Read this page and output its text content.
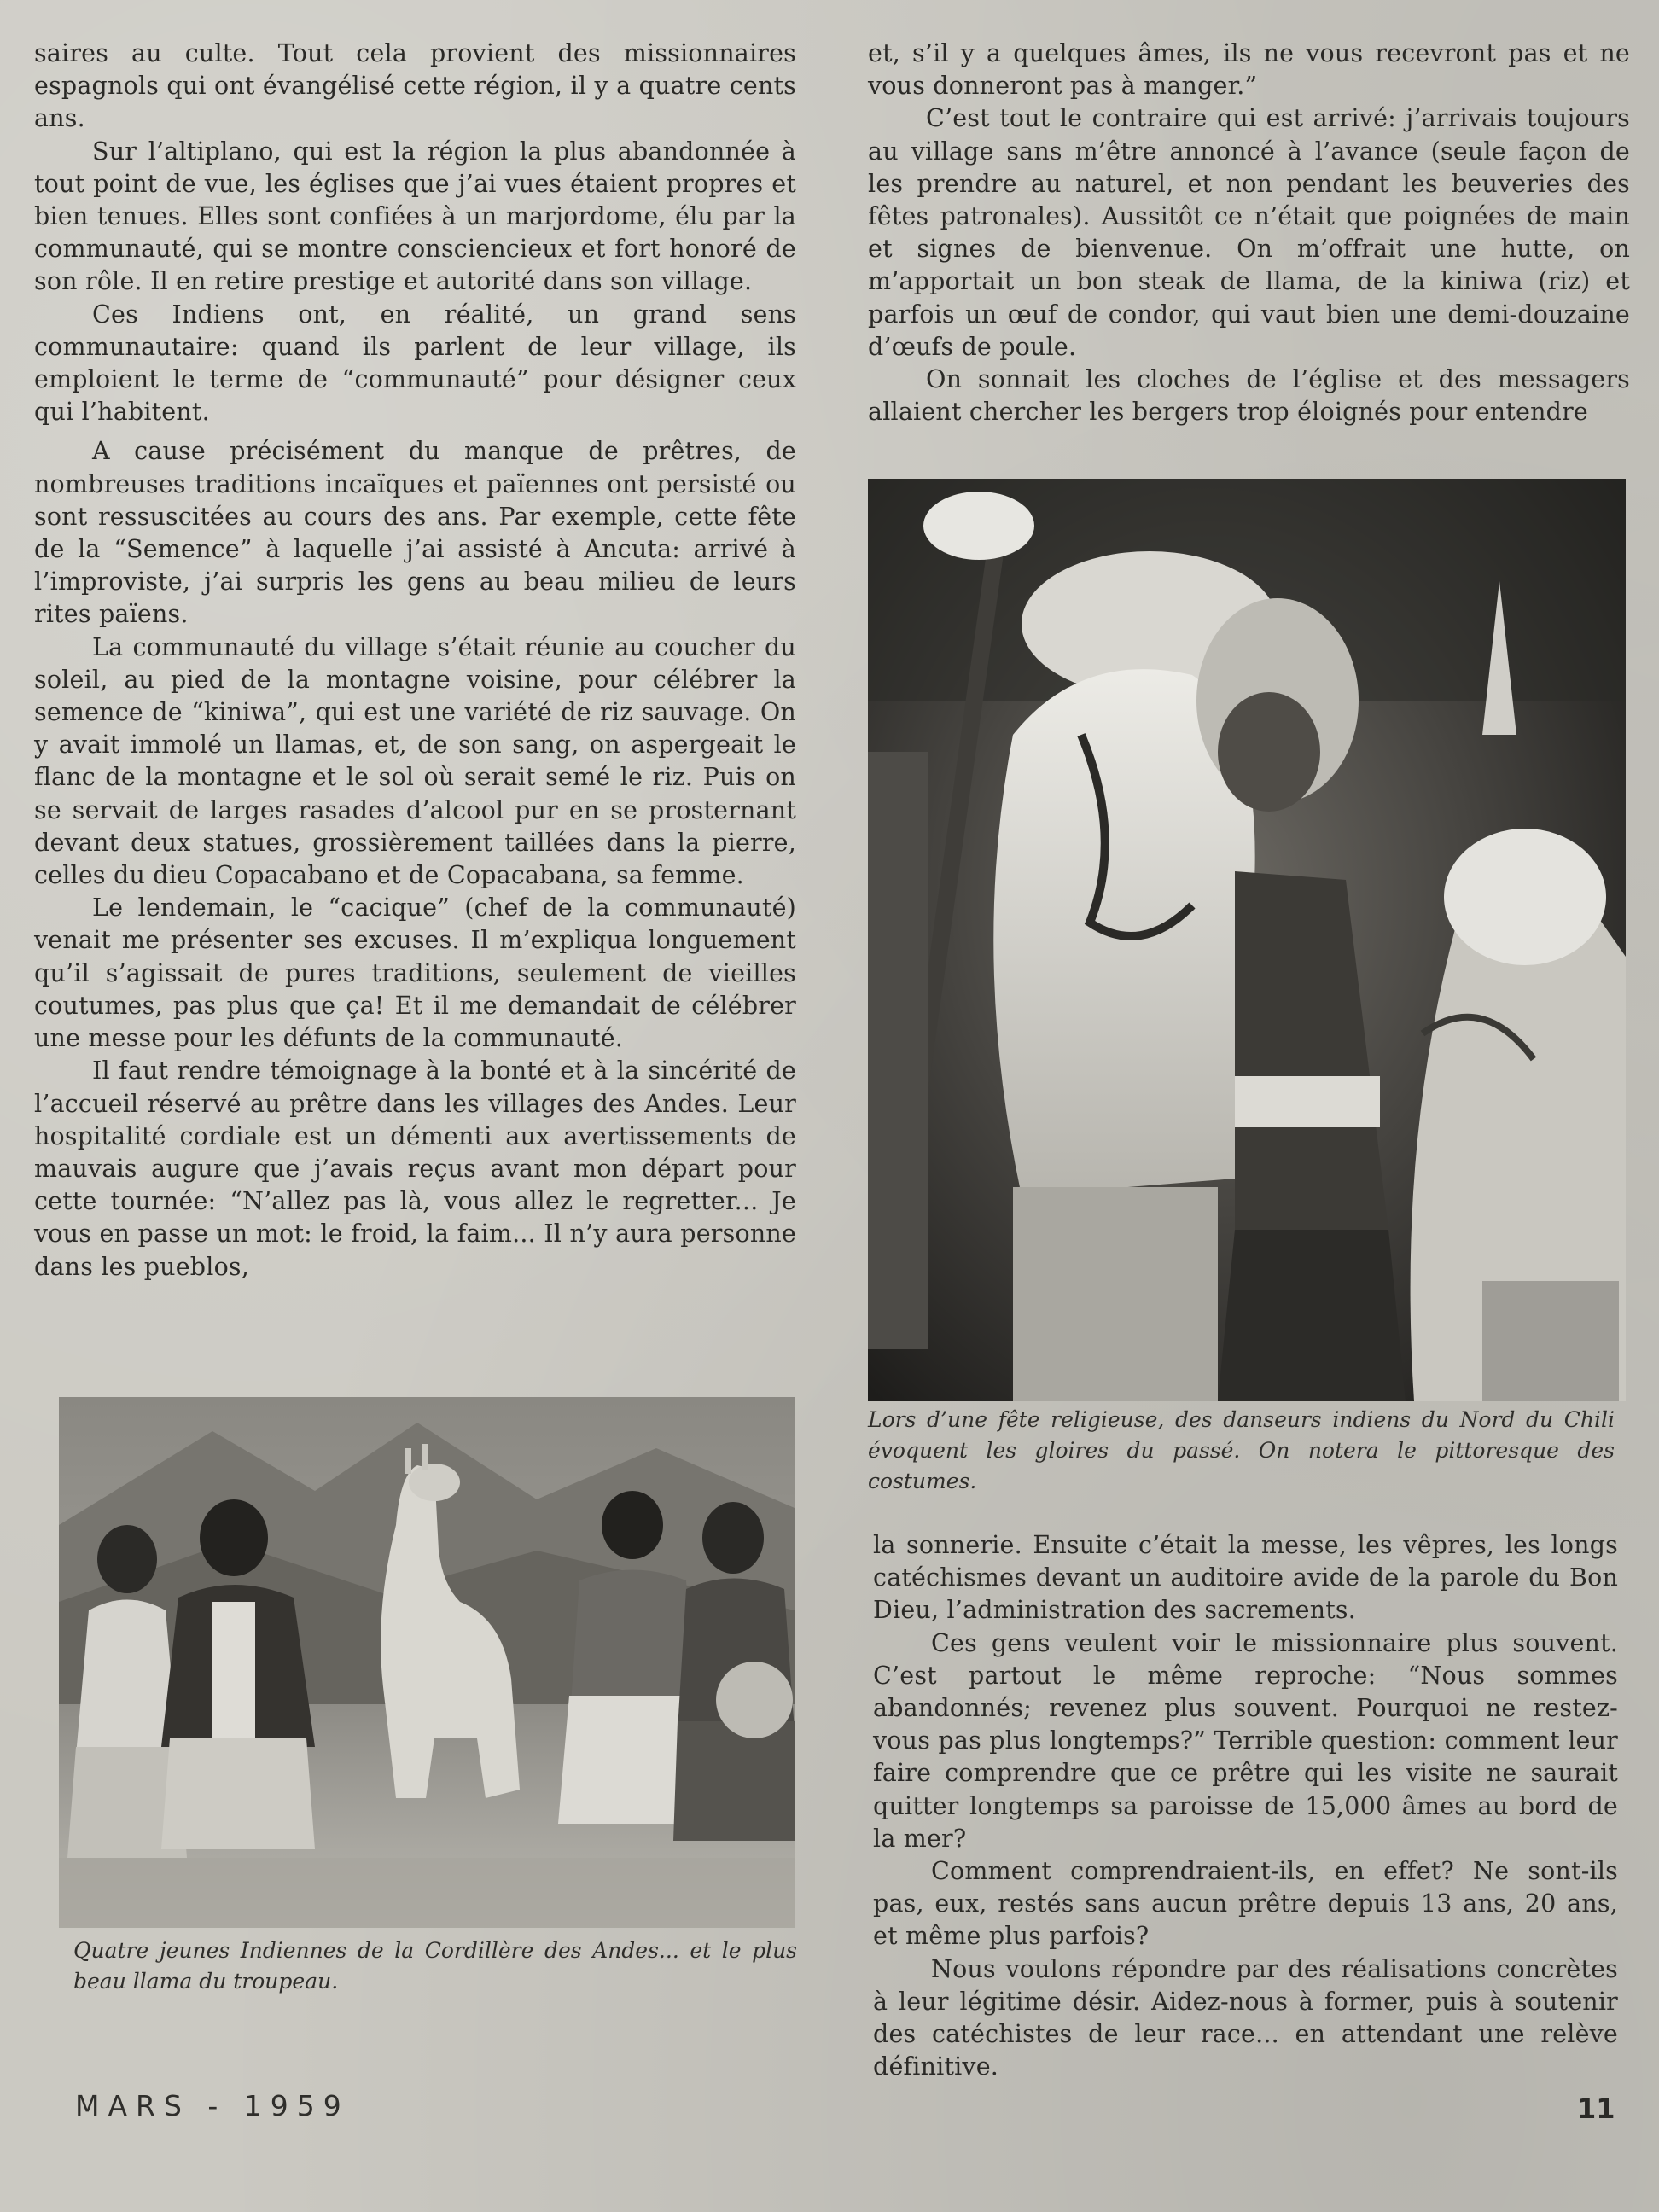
saires au culte. Tout cela provient des missionnaires espagnols qui ont évangélisé cette région, il y a quatre cents ans.

Sur l’altiplano, qui est la région la plus abandonnée à tout point de vue, les églises que j’ai vues étaient propres et bien tenues. Elles sont confiées à un marjordome, élu par la communauté, qui se montre consciencieux et fort honoré de son rôle. Il en retire prestige et autorité dans son village.

Ces Indiens ont, en réalité, un grand sens communautaire: quand ils parlent de leur village, ils emploient le terme de “communauté” pour désigner ceux qui l’habitent.

A cause précisément du manque de prêtres, de nombreuses traditions incaïques et païennes ont persisté ou sont ressuscitées au cours des ans. Par exemple, cette fête de la “Semence” à laquelle j’ai assisté à Ancuta: arrivé à l’improviste, j’ai surpris les gens au beau milieu de leurs rites païens.

La communauté du village s’était réunie au coucher du soleil, au pied de la montagne voisine, pour célébrer la semence de “kiniwa”, qui est une variété de riz sauvage. On y avait immolé un llamas, et, de son sang, on aspergeait le flanc de la montagne et le sol où serait semé le riz. Puis on se servait de larges rasades d’alcool pur en se prosternant devant deux statues, grossièrement taillées dans la pierre, celles du dieu Copacabano et de Copacabana, sa femme.

Le lendemain, le “cacique” (chef de la communauté) venait me présenter ses excuses. Il m’expliqua longuement qu’il s’agissait de pures traditions, seulement de vieilles coutumes, pas plus que ça! Et il me demandait de célébrer une messe pour les défunts de la communauté.

Il faut rendre témoignage à la bonté et à la sincérité de l’accueil réservé au prêtre dans les villages des Andes. Leur hospitalité cordiale est un démenti aux avertissements de mauvais augure que j’avais reçus avant mon départ pour cette tournée: “N’allez pas là, vous allez le regretter... Je vous en passe un mot: le froid, la faim... Il n’y aura personne dans les pueblos,

et, s’il y a quelques âmes, ils ne vous recevront pas et ne vous donneront pas à manger.”

C’est tout le contraire qui est arrivé: j’arrivais toujours au village sans m’être annoncé à l’avance (seule façon de les prendre au naturel, et non pendant les beuveries des fêtes patronales). Aussitôt ce n’était que poignées de main et signes de bienvenue. On m’offrait une hutte, on m’apportait un bon steak de llama, de la kiniwa (riz) et parfois un œuf de condor, qui vaut bien une demi-douzaine d’œufs de poule.

On sonnait les cloches de l’église et des messagers allaient chercher les bergers trop éloignés pour entendre

Lors d’une fête religieuse, des danseurs indiens du Nord du Chili évoquent les gloires du passé. On notera le pittoresque des costumes.
Quatre jeunes Indiennes de la Cordillère des Andes... et le plus beau llama du troupeau.

la sonnerie. Ensuite c’était la messe, les vêpres, les longs catéchismes devant un auditoire avide de la parole du Bon Dieu, l’administration des sacrements.

Ces gens veulent voir le missionnaire plus souvent. C’est partout le même reproche: “Nous sommes abandonnés; revenez plus souvent. Pourquoi ne restez-vous pas plus longtemps?” Terrible question: comment leur faire comprendre que ce prêtre qui les visite ne saurait quitter longtemps sa paroisse de 15,000 âmes au bord de la mer?

Comment comprendraient-ils, en effet? Ne sont-ils pas, eux, restés sans aucun prêtre depuis 13 ans, 20 ans, et même plus parfois?

Nous voulons répondre par des réalisations concrètes à leur légitime désir. Aidez-nous à former, puis à soutenir des catéchistes de leur race... en attendant une relève définitive.

MARS - 1959	11
